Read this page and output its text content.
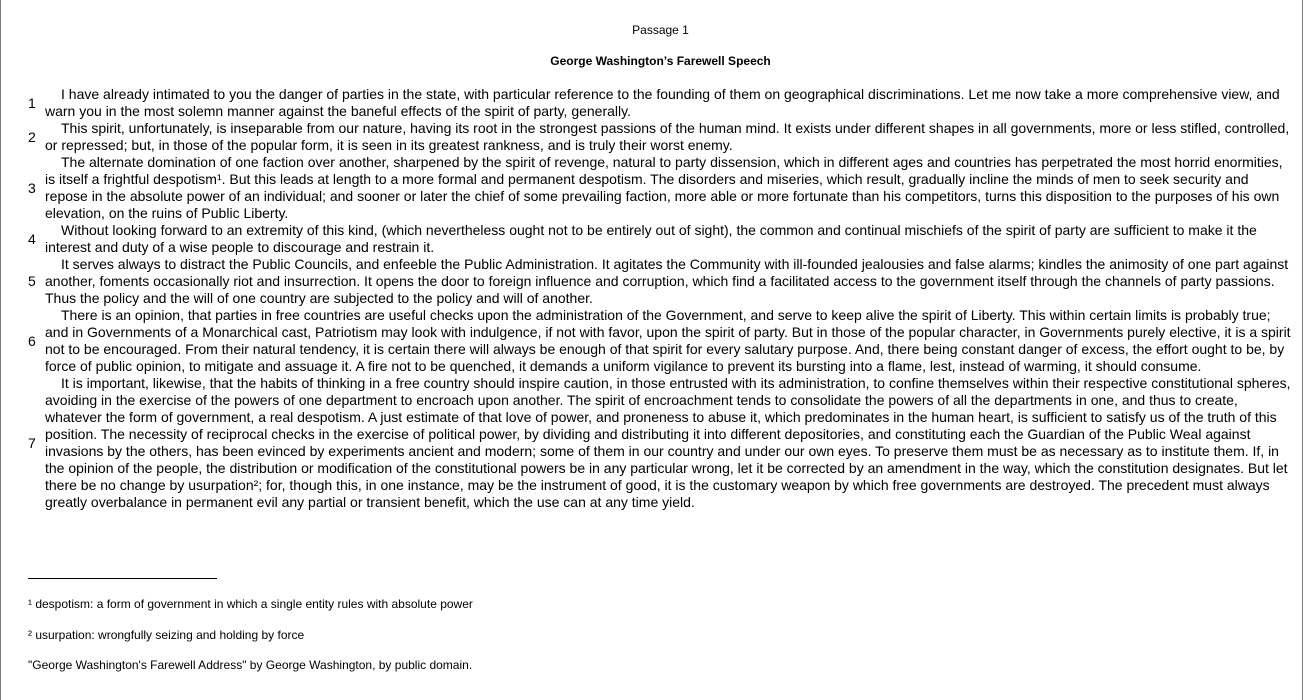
Passage 1
George Washington’s Farewell Speech
1
I have already intimated to you the danger of parties in the state, with particular reference to the founding of them on geographical discriminations. Let me now take a more comprehensive view, and warn you in the most solemn manner against the baneful effects of the spirit of party, generally.
2
This spirit, unfortunately, is inseparable from our nature, having its root in the strongest passions of the human mind. It exists under different shapes in all governments, more or less stifled, controlled, or repressed; but, in those of the popular form, it is seen in its greatest rankness, and is truly their worst enemy.
3
The alternate domination of one faction over another, sharpened by the spirit of revenge, natural to party dissension, which in different ages and countries has perpetrated the most horrid enormities, is itself a frightful despotism¹. But this leads at length to a more formal and permanent despotism. The disorders and miseries, which result, gradually incline the minds of men to seek security and repose in the absolute power of an individual; and sooner or later the chief of some prevailing faction, more able or more fortunate than his competitors, turns this disposition to the purposes of his own elevation, on the ruins of Public Liberty.
4
Without looking forward to an extremity of this kind, (which nevertheless ought not to be entirely out of sight), the common and continual mischiefs of the spirit of party are sufficient to make it the interest and duty of a wise people to discourage and restrain it.
5
It serves always to distract the Public Councils, and enfeeble the Public Administration. It agitates the Community with ill-founded jealousies and false alarms; kindles the animosity of one part against another, foments occasionally riot and insurrection. It opens the door to foreign influence and corruption, which find a facilitated access to the government itself through the channels of party passions. Thus the policy and the will of one country are subjected to the policy and will of another.
6
There is an opinion, that parties in free countries are useful checks upon the administration of the Government, and serve to keep alive the spirit of Liberty. This within certain limits is probably true; and in Governments of a Monarchical cast, Patriotism may look with indulgence, if not with favor, upon the spirit of party. But in those of the popular character, in Governments purely elective, it is a spirit not to be encouraged. From their natural tendency, it is certain there will always be enough of that spirit for every salutary purpose. And, there being constant danger of excess, the effort ought to be, by force of public opinion, to mitigate and assuage it. A fire not to be quenched, it demands a uniform vigilance to prevent its bursting into a flame, lest, instead of warming, it should consume.
7
It is important, likewise, that the habits of thinking in a free country should inspire caution, in those entrusted with its administration, to confine themselves within their respective constitutional spheres, avoiding in the exercise of the powers of one department to encroach upon another. The spirit of encroachment tends to consolidate the powers of all the departments in one, and thus to create, whatever the form of government, a real despotism. A just estimate of that love of power, and proneness to abuse it, which predominates in the human heart, is sufficient to satisfy us of the truth of this position. The necessity of reciprocal checks in the exercise of political power, by dividing and distributing it into different depositories, and constituting each the Guardian of the Public Weal against invasions by the others, has been evinced by experiments ancient and modern; some of them in our country and under our own eyes. To preserve them must be as necessary as to institute them. If, in the opinion of the people, the distribution or modification of the constitutional powers be in any particular wrong, let it be corrected by an amendment in the way, which the constitution designates. But let there be no change by usurpation²; for, though this, in one instance, may be the instrument of good, it is the customary weapon by which free governments are destroyed. The precedent must always greatly overbalance in permanent evil any partial or transient benefit, which the use can at any time yield.
¹ despotism: a form of government in which a single entity rules with absolute power
² usurpation: wrongfully seizing and holding by force
"George Washington's Farewell Address" by George Washington, by public domain.
